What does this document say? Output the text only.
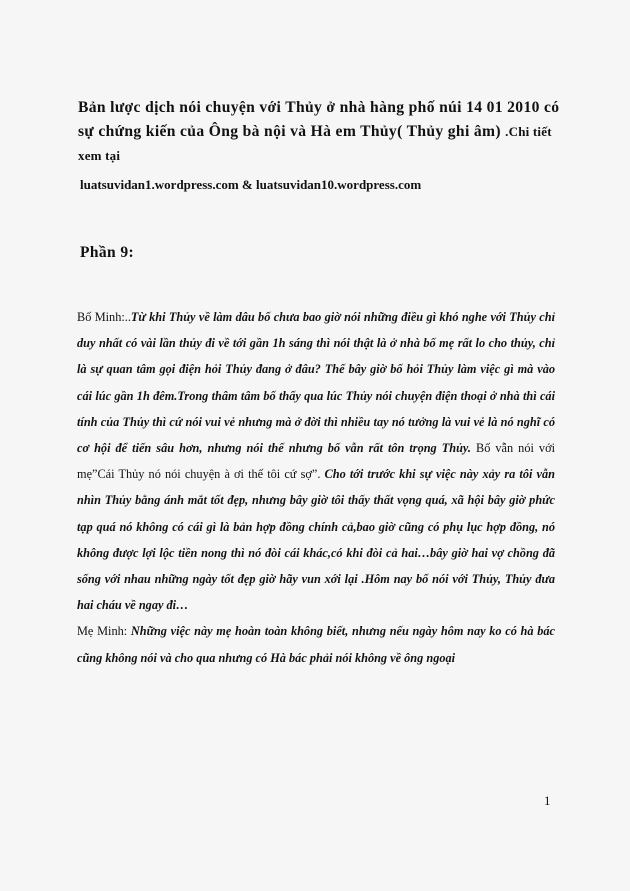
Bản lược dịch nói chuyện với Thủy ở nhà hàng phố núi 14 01 2010 có sự chứng kiến của Ông bà nội và Hà em Thủy( Thủy ghi âm) .Chi tiết xem tại

luatsuvidan1.wordpress.com & luatsuvidan10.wordpress.com

Phần 9:

Bố Minh:..Từ khi Thủy về làm dâu bố chưa bao giờ nói những điều gì khó nghe với Thủy chỉ duy nhất có vài lần thủy đi về tới gần 1h sáng thì nói thật là ở nhà bố mẹ rất lo cho thủy, chỉ là sự quan tâm gọi điện hỏi Thủy đang ở đâu? Thế bây giờ bố hỏi Thủy làm việc gì mà vào cái lúc gần 1h đêm.Trong thâm tâm bố thấy qua lúc Thủy nói chuyện điện thoại ở nhà thì cái tính của Thủy thì cứ nói vui vẻ nhưng mà ở đời thì nhiều tay nó tưởng là vui vẻ là nó nghĩ có cơ hội để tiến sâu hơn, nhưng nói thế nhưng bố vẫn rất tôn trọng Thủy. Bố vẫn nói với mẹ”Cái Thủy nó nói chuyện à ơi thế tôi cứ sợ”. Cho tới trước khi sự việc này xảy ra tôi vẫn nhìn Thủy bằng ánh mắt tốt đẹp, nhưng bây giờ tôi thấy thất vọng quá, xã hội bây giờ phức tạp quá nó không có cái gì là bản hợp đồng chính cả,bao giờ cũng có phụ lục hợp đồng, nó không được lợi lộc tiền nong thì nó đòi cái khác,có khi đòi cả hai…bây giờ hai vợ chồng đã sống với nhau những ngày tốt đẹp giờ hãy vun xới lại .Hôm nay bố nói với Thủy, Thủy đưa hai cháu về ngay đi…

Mẹ Minh: Những việc này mẹ hoàn toàn không biết, nhưng nếu ngày hôm nay ko có hà bác cũng không nói và cho qua nhưng có Hà bác phải nói không về ông ngoại

1
